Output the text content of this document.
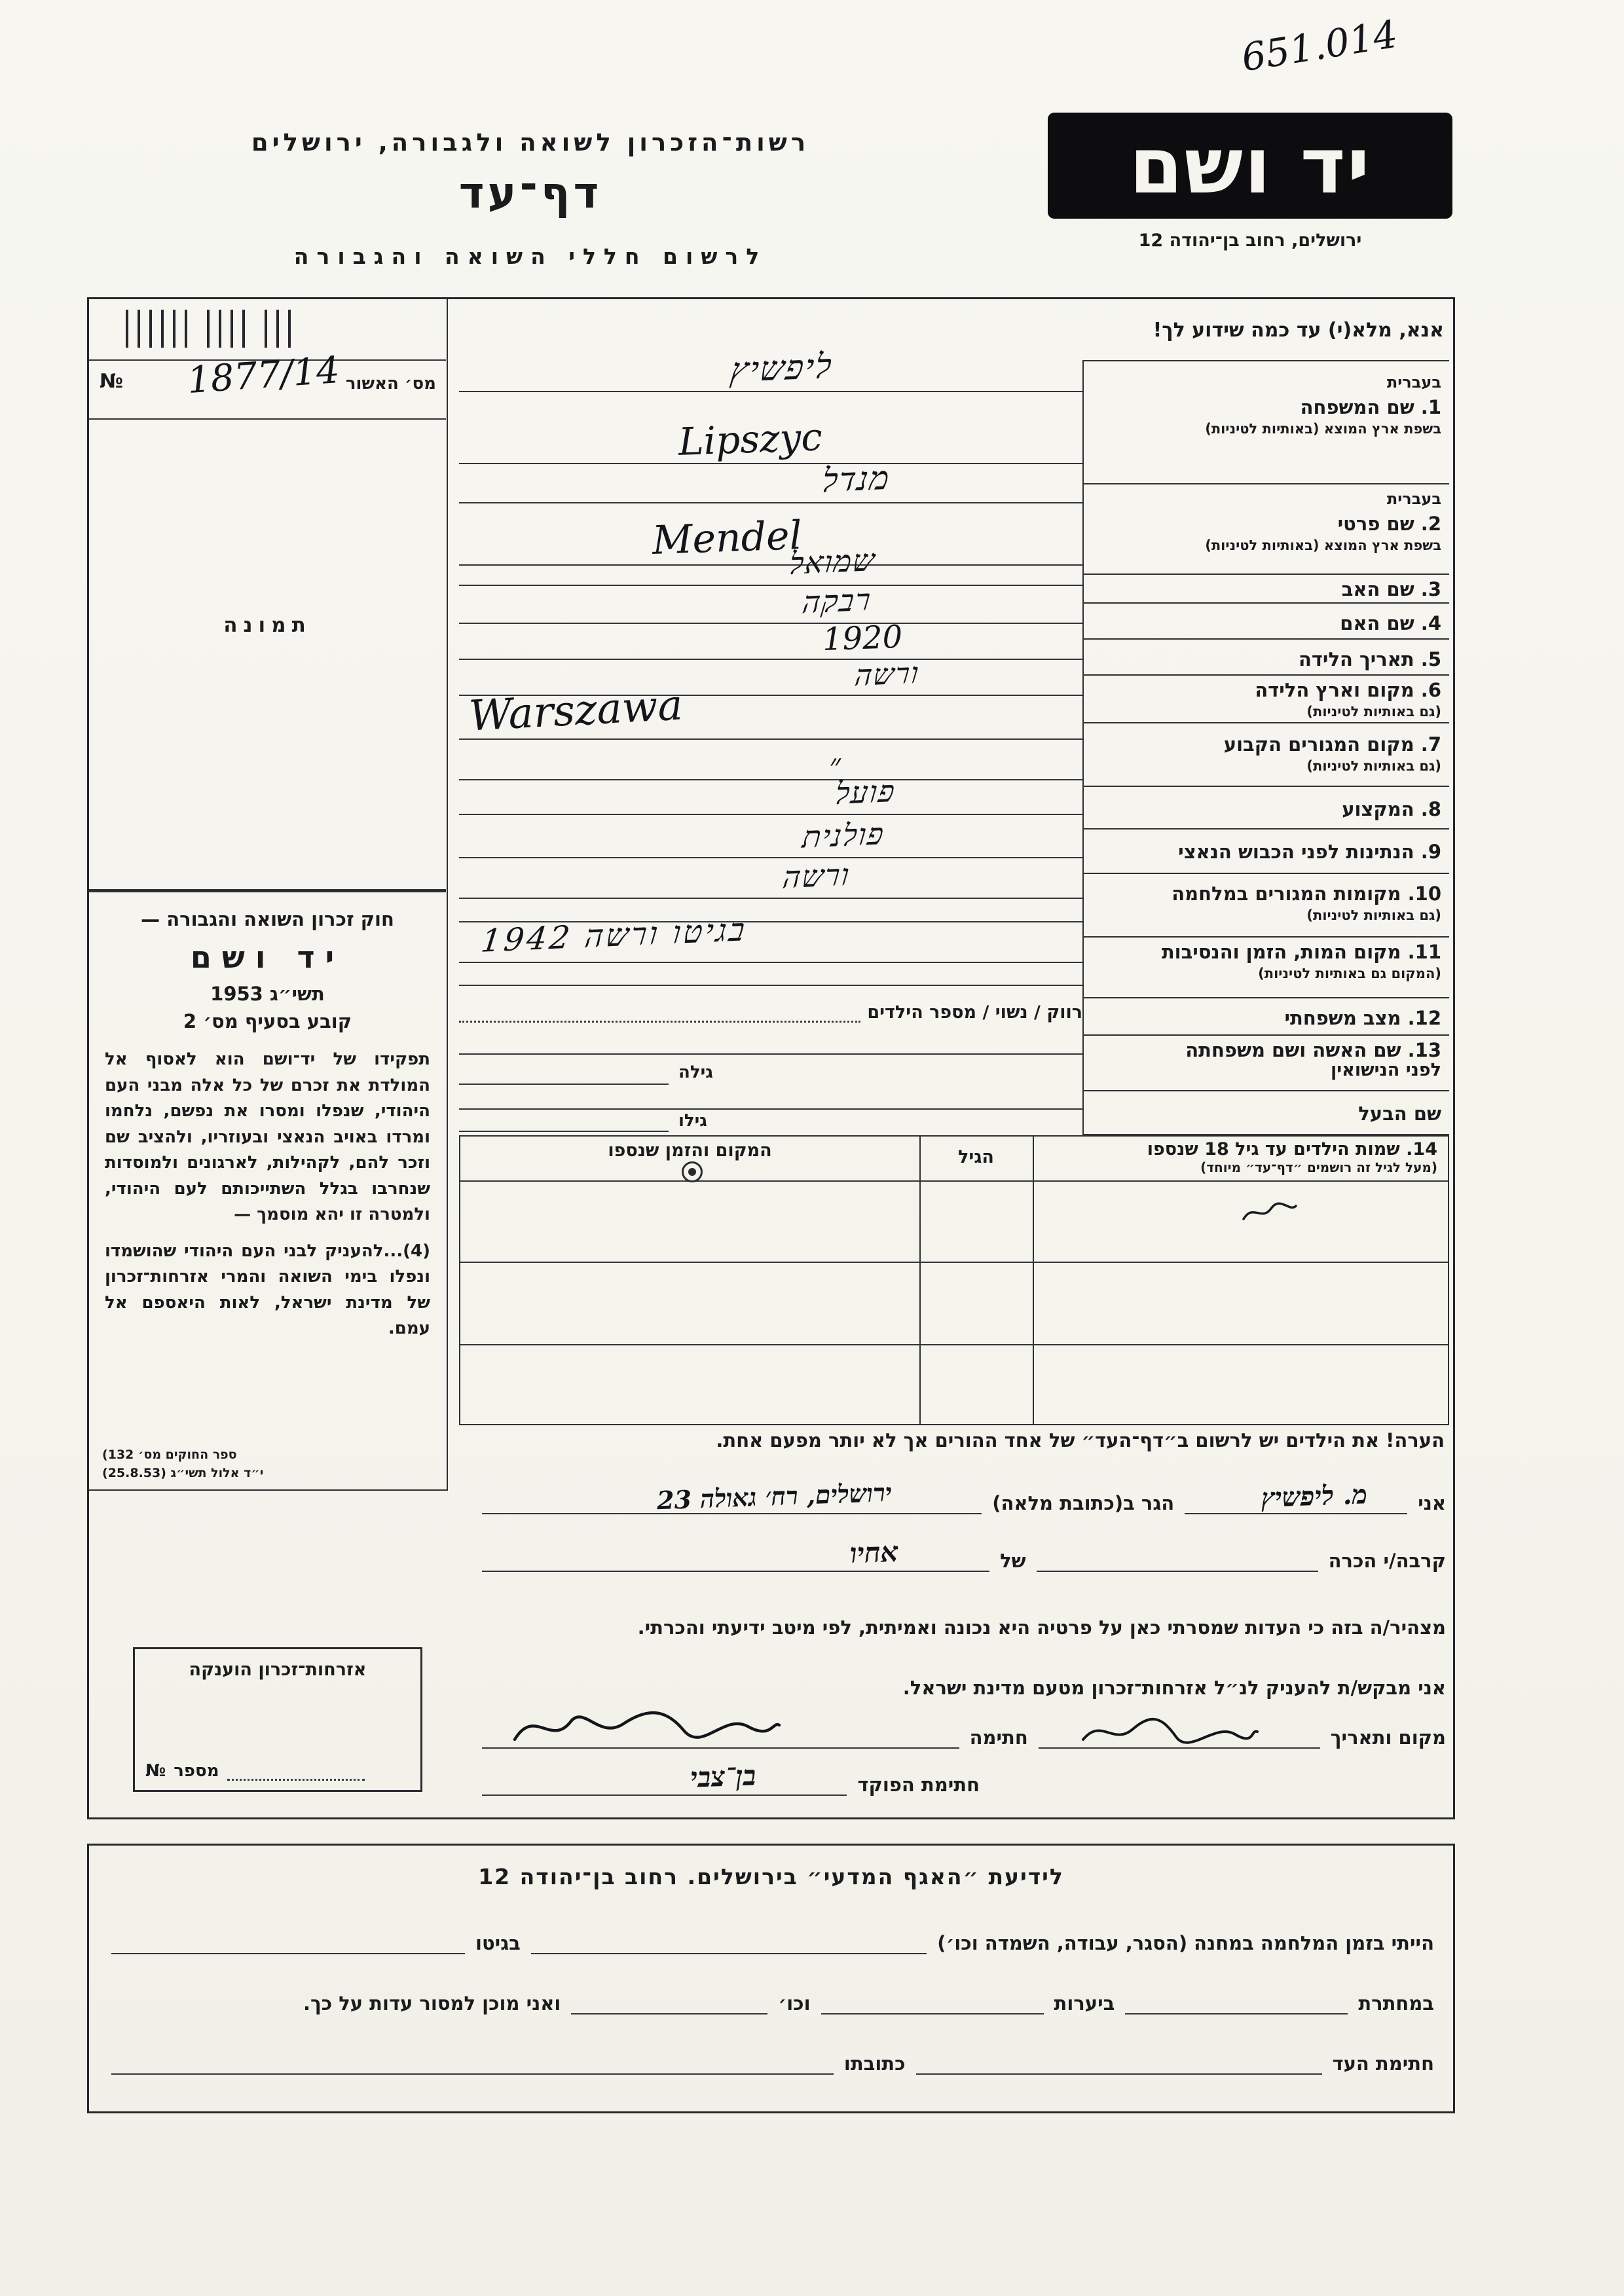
651.014
יד ושם
ירושלים, רחוב בן־יהודה 12
רשות־הזכרון לשואה ולגבורה, ירושלים
דף־עד
לרשום חללי השואה והגבורה
№	מס׳ האשור
1877/14
תמונה
חוק זכרון השואה והגבורה —
יד ושם
תשי״ג 1953
קובע בסעיף מס׳ 2
תפקידו של יד־ושם הוא לאסוף אל המולדת את זכרם של כל אלה מבני העם היהודי, שנפלו ומסרו את נפשם, נלחמו ומרדו באויב הנאצי ובעוזריו, ולהציב שם וזכר להם, לקהילות, לארגונים ולמוסדות שנחרבו בגלל השתייכותם לעם היהודי, ולמטרה זו יהא מוסמך —
(4)...להעניק לבני העם היהודי שהושמדו ונפלו בימי השואה והמרי אזרחות־זכרון של מדינת ישראל, לאות היאספם אל עמם.
(ספר החוקים מס׳ 132
י״ד אלול תשי״ג (25.8.53)
אזרחות־זכרון הוענקה
№ מספר
אנא, מלא(י) עד כמה שידוע לך!
בעברית
1. שם המשפחה
בשפת ארץ המוצא (באותיות לטיניות)
בעברית
2. שם פרטי
בשפת ארץ המוצא (באותיות לטיניות)
3. שם האב
4. שם האם
5. תאריך הלידה
6. מקום וארץ הלידה
(גם באותיות לטיניות)
7. מקום המגורים הקבוע
(גם באותיות לטיניות)
8. המקצוע
9. הנתינות לפני הכבוש הנאצי
10. מקומות המגורים במלחמה
(גם באותיות לטיניות)
11. מקום המות, הזמן והנסיבות
(המקום גם באותיות לטיניות)
12. מצב משפחתי
13. שם האשה ושם משפחתה
לפני הנישואין
שם הבעל
רווק / נשוי / מספר הילדים
גילה
גילו
ליפשיץ
Lipszyc
מנדל
Mendel
שמואל
רבקה
1920
ורשה
Warszawa
״
פועל
פולנית
ורשה
בגיטו ורשה 1942
14. שמות הילדים עד גיל 18 שנספו
(מעל לגיל זה רושמים ״דף־עד״ מיוחד)
הגיל
המקום והזמן שנספו
הערה! את הילדים יש לרשום ב״דף־העד״ של אחד ההורים אך לא יותר מפעם אחת.
אני
מ. ליפשיץ
הגר ב(כתובת מלאה)
ירושלים, רח׳ גאולה 23
קרבה/י הכרה
של
אחיו
מצהיר/ה בזה כי העדות שמסרתי כאן על פרטיה היא נכונה ואמיתית, לפי מיטב ידיעתי והכרתי.
אני מבקש/ת להעניק לנ״ל אזרחות־זכרון מטעם מדינת ישראל.
מקום ותאריך
חתימה
חתימת הפוקד
בן־צבי
לידיעת ״האגף המדעי״ בירושלים. רחוב בן־יהודה 12
הייתי בזמן המלחמה במחנה (הסגר, עבודה, השמדה וכו׳)
בגיטו
במחתרת
ביערות
וכו׳
ואני מוכן למסור עדות על כך.
חתימת העד
כתובתו
